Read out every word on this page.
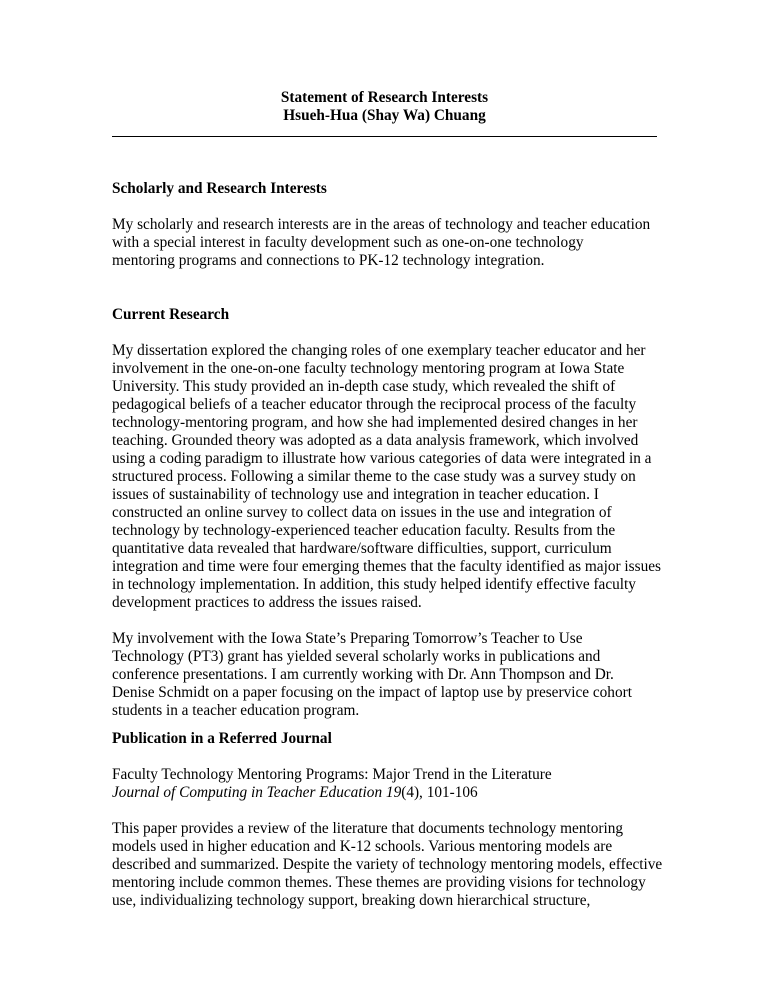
Statement of Research Interests
Hsueh-Hua (Shay Wa) Chuang
Scholarly and Research Interests
My scholarly and research interests are in the areas of technology and teacher education
with a special interest in faculty development such as one-on-one technology
mentoring programs and connections to PK-12 technology integration.
Current Research
My dissertation explored the changing roles of one exemplary teacher educator and her
involvement in the one-on-one faculty technology mentoring program at Iowa State
University. This study provided an in-depth case study, which revealed the shift of
pedagogical beliefs of a teacher educator through the reciprocal process of the faculty
technology-mentoring program, and how she had implemented desired changes in her
teaching. Grounded theory was adopted as a data analysis framework, which involved
using a coding paradigm to illustrate how various categories of data were integrated in a
structured process. Following a similar theme to the case study was a survey study on
issues of sustainability of technology use and integration in teacher education. I
constructed an online survey to collect data on issues in the use and integration of
technology by technology-experienced teacher education faculty. Results from the
quantitative data revealed that hardware/software difficulties, support, curriculum
integration and time were four emerging themes that the faculty identified as major issues
in technology implementation. In addition, this study helped identify effective faculty
development practices to address the issues raised.
My involvement with the Iowa State’s Preparing Tomorrow’s Teacher to Use
Technology (PT3) grant has yielded several scholarly works in publications and
conference presentations. I am currently working with Dr. Ann Thompson and Dr.
Denise Schmidt on a paper focusing on the impact of laptop use by preservice cohort
students in a teacher education program.
Publication in a Referred Journal
Faculty Technology Mentoring Programs: Major Trend in the Literature
Journal of Computing in Teacher Education 19(4), 101-106
This paper provides a review of the literature that documents technology mentoring
models used in higher education and K-12 schools. Various mentoring models are
described and summarized. Despite the variety of technology mentoring models, effective
mentoring include common themes. These themes are providing visions for technology
use, individualizing technology support, breaking down hierarchical structure,
